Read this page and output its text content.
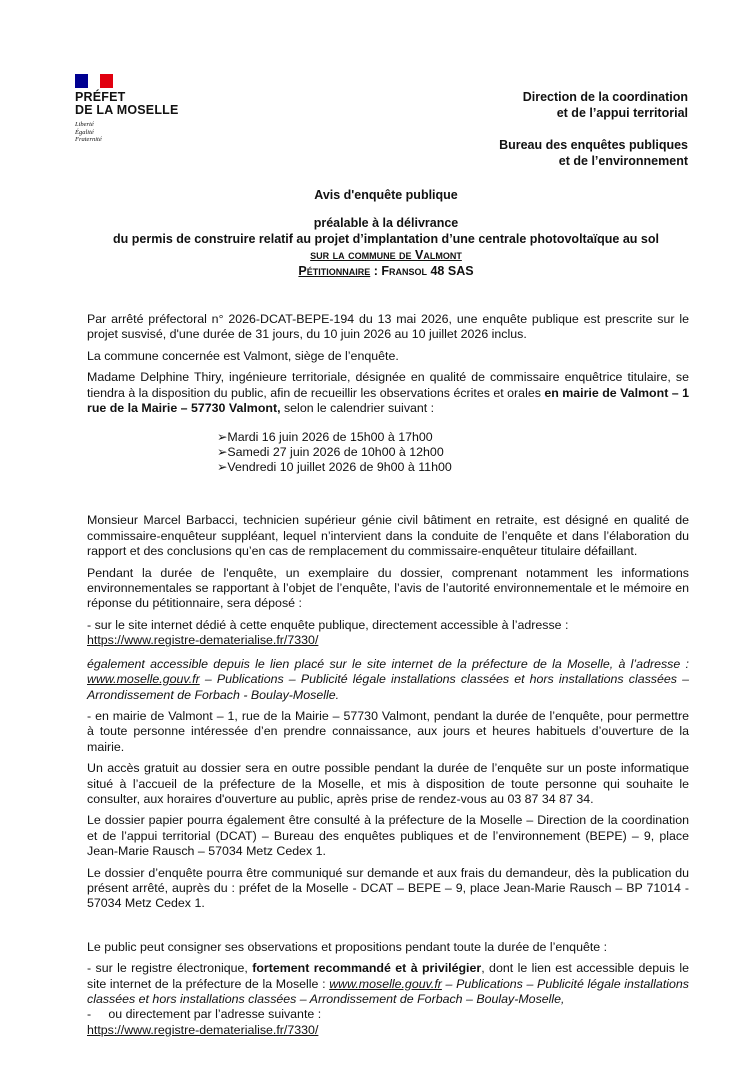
PRÉFET
DE LA MOSELLE
Liberté
Égalité
Fraternité
Direction de la coordination
et de l’appui territorial
Bureau des enquêtes publiques
et de l’environnement
Avis d'enquête publique
préalable à la délivrance
du permis de construire relatif au projet d’implantation d’une centrale photovoltaïque au sol
sur la commune de Valmont
Pétitionnaire : Fransol 48 SAS

Par arrêté préfectoral n° 2026-DCAT-BEPE-194 du 13 mai 2026, une enquête publique est prescrite sur le projet susvisé, d'une durée de 31 jours, du 10 juin 2026 au 10 juillet 2026 inclus.

La commune concernée est Valmont, siège de l’enquête.

Madame Delphine Thiry, ingénieure territoriale, désignée en qualité de commissaire enquêtrice titulaire, se tiendra à la disposition du public, afin de recueillir les observations écrites et orales en mairie de Valmont – 1 rue de la Mairie – 57730 Valmont, selon le calendrier suivant :

➢Mardi 16 juin 2026 de 15h00 à 17h00
➢Samedi 27 juin 2026 de 10h00 à 12h00
➢Vendredi 10 juillet 2026 de 9h00 à 11h00

Monsieur Marcel Barbacci, technicien supérieur génie civil bâtiment en retraite, est désigné en qualité de commissaire-enquêteur suppléant, lequel n’intervient dans la conduite de l’enquête et dans l’élaboration du rapport et des conclusions qu’en cas de remplacement du commissaire-enquêteur titulaire défaillant.

Pendant la durée de l'enquête, un exemplaire du dossier, comprenant notamment les informations environnementales se rapportant à l’objet de l’enquête, l’avis de l’autorité environnementale et le mémoire en réponse du pétitionnaire, sera déposé :

- sur le site internet dédié à cette enquête publique, directement accessible à l’adresse :

https://www.registre-dematerialise.fr/7330/

également accessible depuis le lien placé sur le site internet de la préfecture de la Moselle, à l’adresse : www.moselle.gouv.fr – Publications – Publicité légale installations classées et hors installations classées – Arrondissement de Forbach - Boulay-Moselle.

- en mairie de Valmont – 1, rue de la Mairie – 57730 Valmont, pendant la durée de l’enquête, pour permettre à toute personne intéressée d’en prendre connaissance, aux jours et heures habituels d’ouverture de la mairie.

Un accès gratuit au dossier sera en outre possible pendant la durée de l’enquête sur un poste informatique situé à l’accueil de la préfecture de la Moselle, et mis à disposition de toute personne qui souhaite le consulter, aux horaires d'ouverture au public, après prise de rendez-vous au 03 87 34 87 34.

Le dossier papier pourra également être consulté à la préfecture de la Moselle – Direction de la coordination et de l’appui territorial (DCAT) – Bureau des enquêtes publiques et de l’environnement (BEPE) – 9, place Jean-Marie Rausch – 57034 Metz Cedex 1.

Le dossier d’enquête pourra être communiqué sur demande et aux frais du demandeur, dès la publication du présent arrêté, auprès du : préfet de la Moselle - DCAT – BEPE – 9, place Jean-Marie Rausch – BP 71014 - 57034 Metz Cedex 1.

Le public peut consigner ses observations et propositions pendant toute la durée de l’enquête :

- sur le registre électronique, fortement recommandé et à privilégier, dont le lien est accessible depuis le site internet de la préfecture de la Moselle : www.moselle.gouv.fr – Publications – Publicité légale installations classées et hors installations classées – Arrondissement de Forbach – Boulay-Moselle,

-     ou directement par l’adresse suivante :

https://www.registre-dematerialise.fr/7330/
